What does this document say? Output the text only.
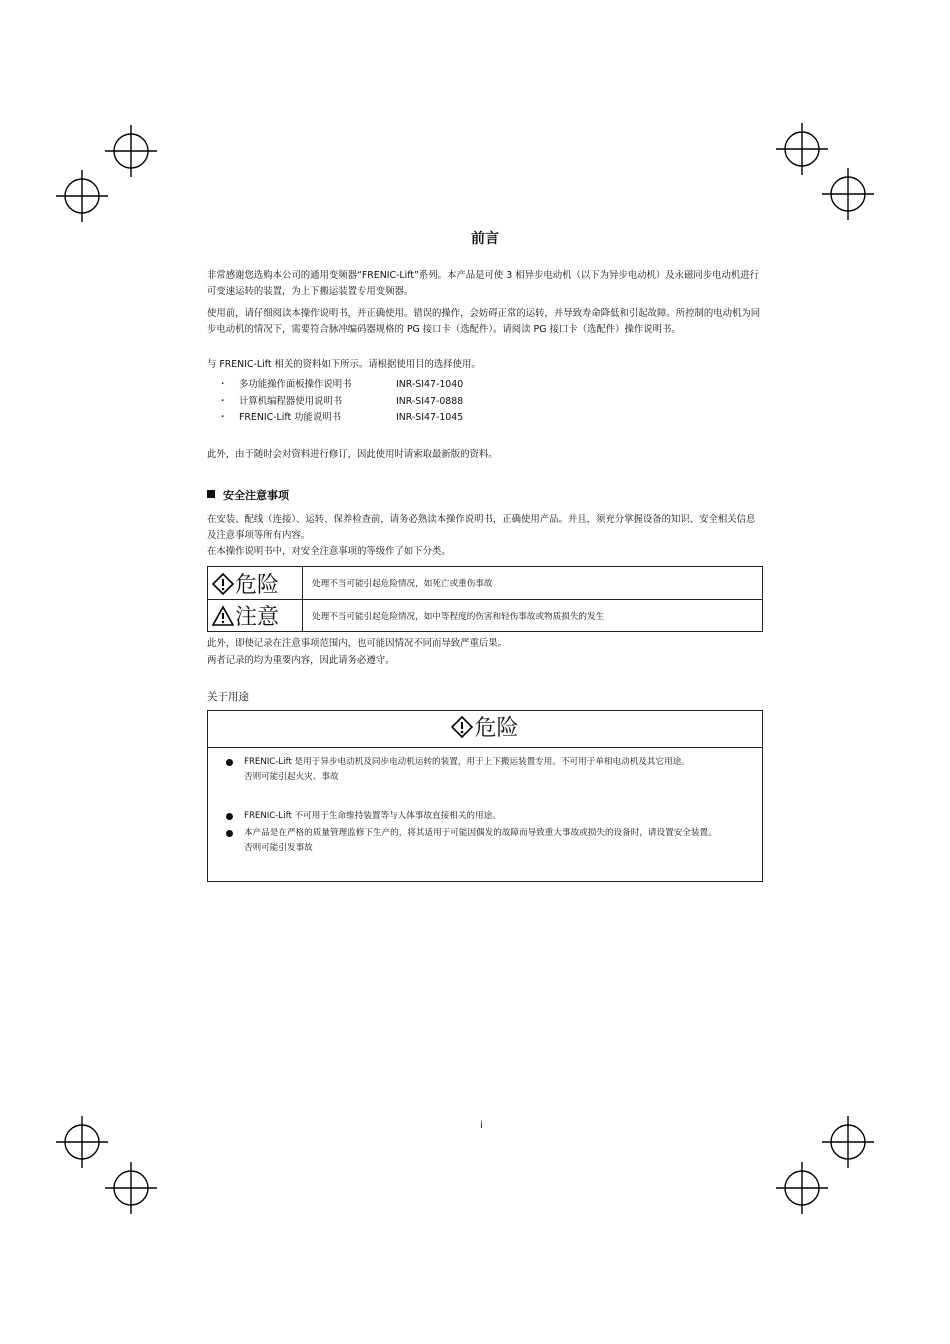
前言

非常感谢您选购本公司的通用变频器“FRENIC-Lift”系列。本产品是可使 3 相异步电动机（以下为异步电动机）及永磁同步电动机进行可变速运转的装置，为上下搬运装置专用变频器。

使用前，请仔细阅读本操作说明书，并正确使用。错误的操作，会妨碍正常的运转，并导致寿命降低和引起故障。所控制的电动机为同步电动机的情况下，需要符合脉冲编码器规格的 PG 接口卡（选配件）。请阅读 PG 接口卡（选配件）操作说明书。

与 FRENIC-Lift 相关的资料如下所示。请根据使用目的选择使用。

・	多功能操作面板操作说明书	INR-SI47-1040
・	计算机编程器使用说明书	INR-SI47-0888
・	FRENIC-Lift 功能说明书	INR-SI47-1045

此外，由于随时会对资料进行修订，因此使用时请索取最新版的资料。

安全注意事项

在安装、配线（连接）、运转、保养检查前，请务必熟读本操作说明书，正确使用产品。并且，须充分掌握设备的知识、安全相关信息及注意事项等所有内容。

在本操作说明书中，对安全注意事项的等级作了如下分类。

危险	处理不当可能引起危险情况，如死亡或重伤事故
注意	处理不当可能引起危险情况，如中等程度的伤害和轻伤事故或物质损失的发生

此外，即使记录在注意事项范围内，也可能因情况不同而导致严重后果。

两者记录的均为重要内容，因此请务必遵守。

关于用途
危险
FRENIC-Lift 是用于异步电动机及同步电动机运转的装置，用于上下搬运装置专用。不可用于单相电动机及其它用途。
否则可能引起火灾、事故
FRENIC-Lift 不可用于生命维持装置等与人体事故直接相关的用途。
本产品是在严格的质量管理监修下生产的，将其适用于可能因偶发的故障而导致重大事故或损失的设备时，请设置安全装置。
否则可能引发事故
i
